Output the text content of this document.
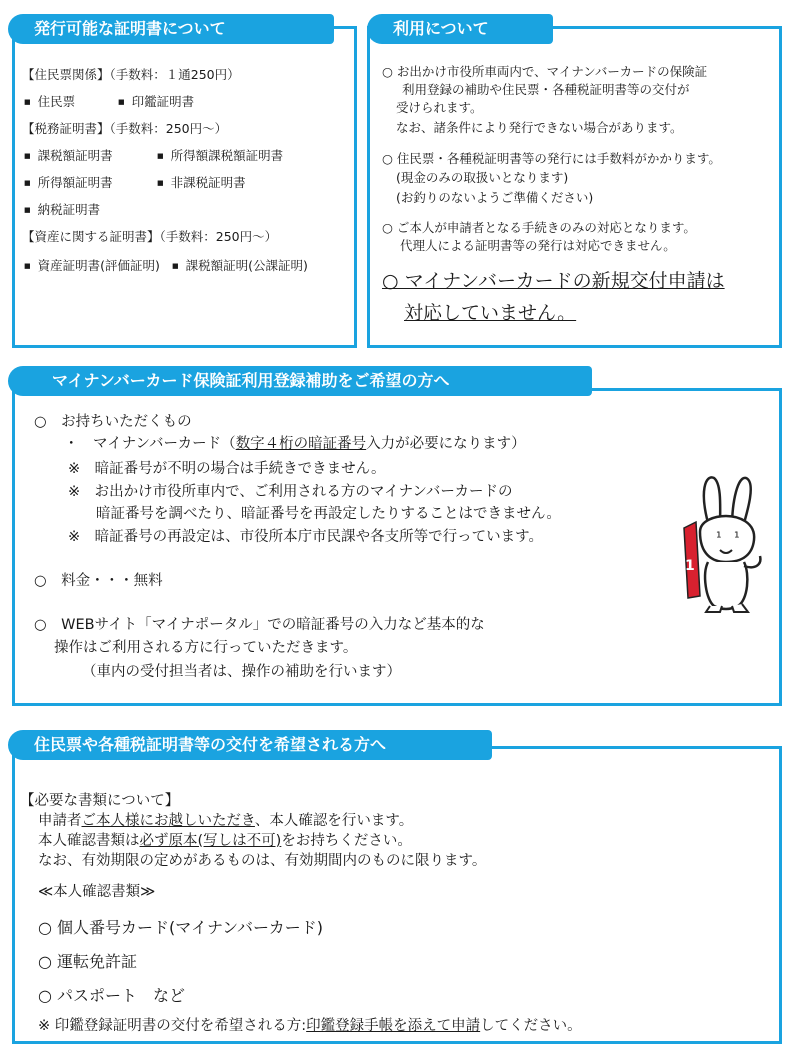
発行可能な証明書について
【住民票関係】（手数料：１通250円）
■ 住民票	■ 印鑑証明書
【税務証明書】（手数料：250円～）
■ 課税額証明書	■ 所得額課税額証明書
■ 所得額証明書	■ 非課税証明書
■ 納税証明書
【資産に関する証明書】（手数料：250円～）
■ 資産証明書(評価証明)	■ 課税額証明(公課証明)
利用について
○ お出かけ市役所車両内で、マイナンバーカードの保険証
利用登録の補助や住民票・各種税証明書等の交付が
受けられます。
なお、諸条件により発行できない場合があります。
○ 住民票・各種税証明書等の発行には手数料がかかります。
(現金のみの取扱いとなります)
(お釣りのないようご準備ください)
○ ご本人が申請者となる手続きのみの対応となります。
代理人による証明書等の発行は対応できません。
○ マイナンバーカードの新規交付申請は
対応していません。
マイナンバーカード保険証利用登録補助をご希望の方へ
○　お持ちいただくもの
・　マイナンバーカード（数字４桁の暗証番号入力が必要になります）
※　暗証番号が不明の場合は手続きできません。
※　お出かけ市役所車内で、ご利用される方のマイナンバーカードの
暗証番号を調べたり、暗証番号を再設定したりすることはできません。
※　暗証番号の再設定は、市役所本庁市民課や各支所等で行っています。
○　料金・・・無料
○　WEBサイト「マイナポータル」での暗証番号の入力など基本的な
操作はご利用される方に行っていただきます。
（車内の受付担当者は、操作の補助を行います）
¹ ¹
1
住民票や各種税証明書等の交付を希望される方へ
【必要な書類について】
申請者ご本人様にお越しいただき、本人確認を行います。
本人確認書類は必ず原本(写しは不可)をお持ちください。
なお、有効期限の定めがあるものは、有効期間内のものに限ります。
≪本人確認書類≫
○ 個人番号カード(マイナンバーカード)
○ 運転免許証
○ パスポート　など
※ 印鑑登録証明書の交付を希望される方:印鑑登録手帳を添えて申請してください。
